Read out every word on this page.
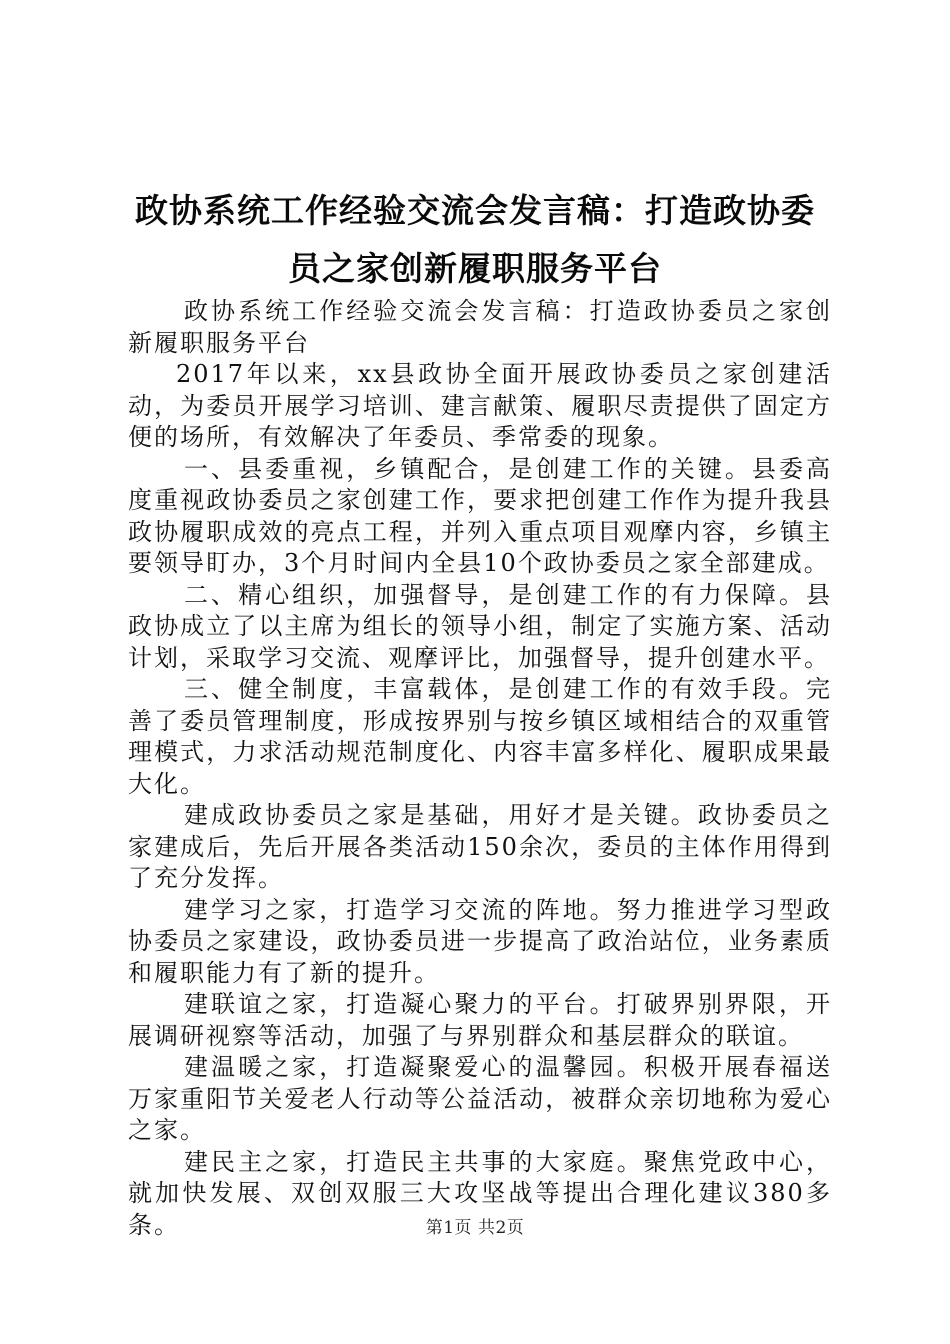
政协系统工作经验交流会发言稿：打造政协委
员之家创新履职服务平台

政协系统工作经验交流会发言稿：打造政协委员之家创新履职服务平台

2017年以来，xx县政协全面开展政协委员之家创建活动，为委员开展学习培训、建言献策、履职尽责提供了固定方便的场所，有效解决了年委员、季常委的现象。

一、县委重视，乡镇配合，是创建工作的关键。县委高度重视政协委员之家创建工作，要求把创建工作作为提升我县政协履职成效的亮点工程，并列入重点项目观摩内容，乡镇主要领导盯办，3个月时间内全县10个政协委员之家全部建成。

二、精心组织，加强督导，是创建工作的有力保障。县政协成立了以主席为组长的领导小组，制定了实施方案、活动计划，采取学习交流、观摩评比，加强督导，提升创建水平。

三、健全制度，丰富载体，是创建工作的有效手段。完善了委员管理制度，形成按界别与按乡镇区域相结合的双重管理模式，力求活动规范制度化、内容丰富多样化、履职成果最大化。

建成政协委员之家是基础，用好才是关键。政协委员之家建成后，先后开展各类活动150余次，委员的主体作用得到了充分发挥。

建学习之家，打造学习交流的阵地。努力推进学习型政协委员之家建设，政协委员进一步提高了政治站位，业务素质和履职能力有了新的提升。

建联谊之家，打造凝心聚力的平台。打破界别界限，开展调研视察等活动，加强了与界别群众和基层群众的联谊。

建温暖之家，打造凝聚爱心的温馨园。积极开展春福送万家重阳节关爱老人行动等公益活动，被群众亲切地称为爱心之家。

建民主之家，打造民主共事的大家庭。聚焦党政中心，就加快发展、双创双服三大攻坚战等提出合理化建议380多条。	第1页 共2页
